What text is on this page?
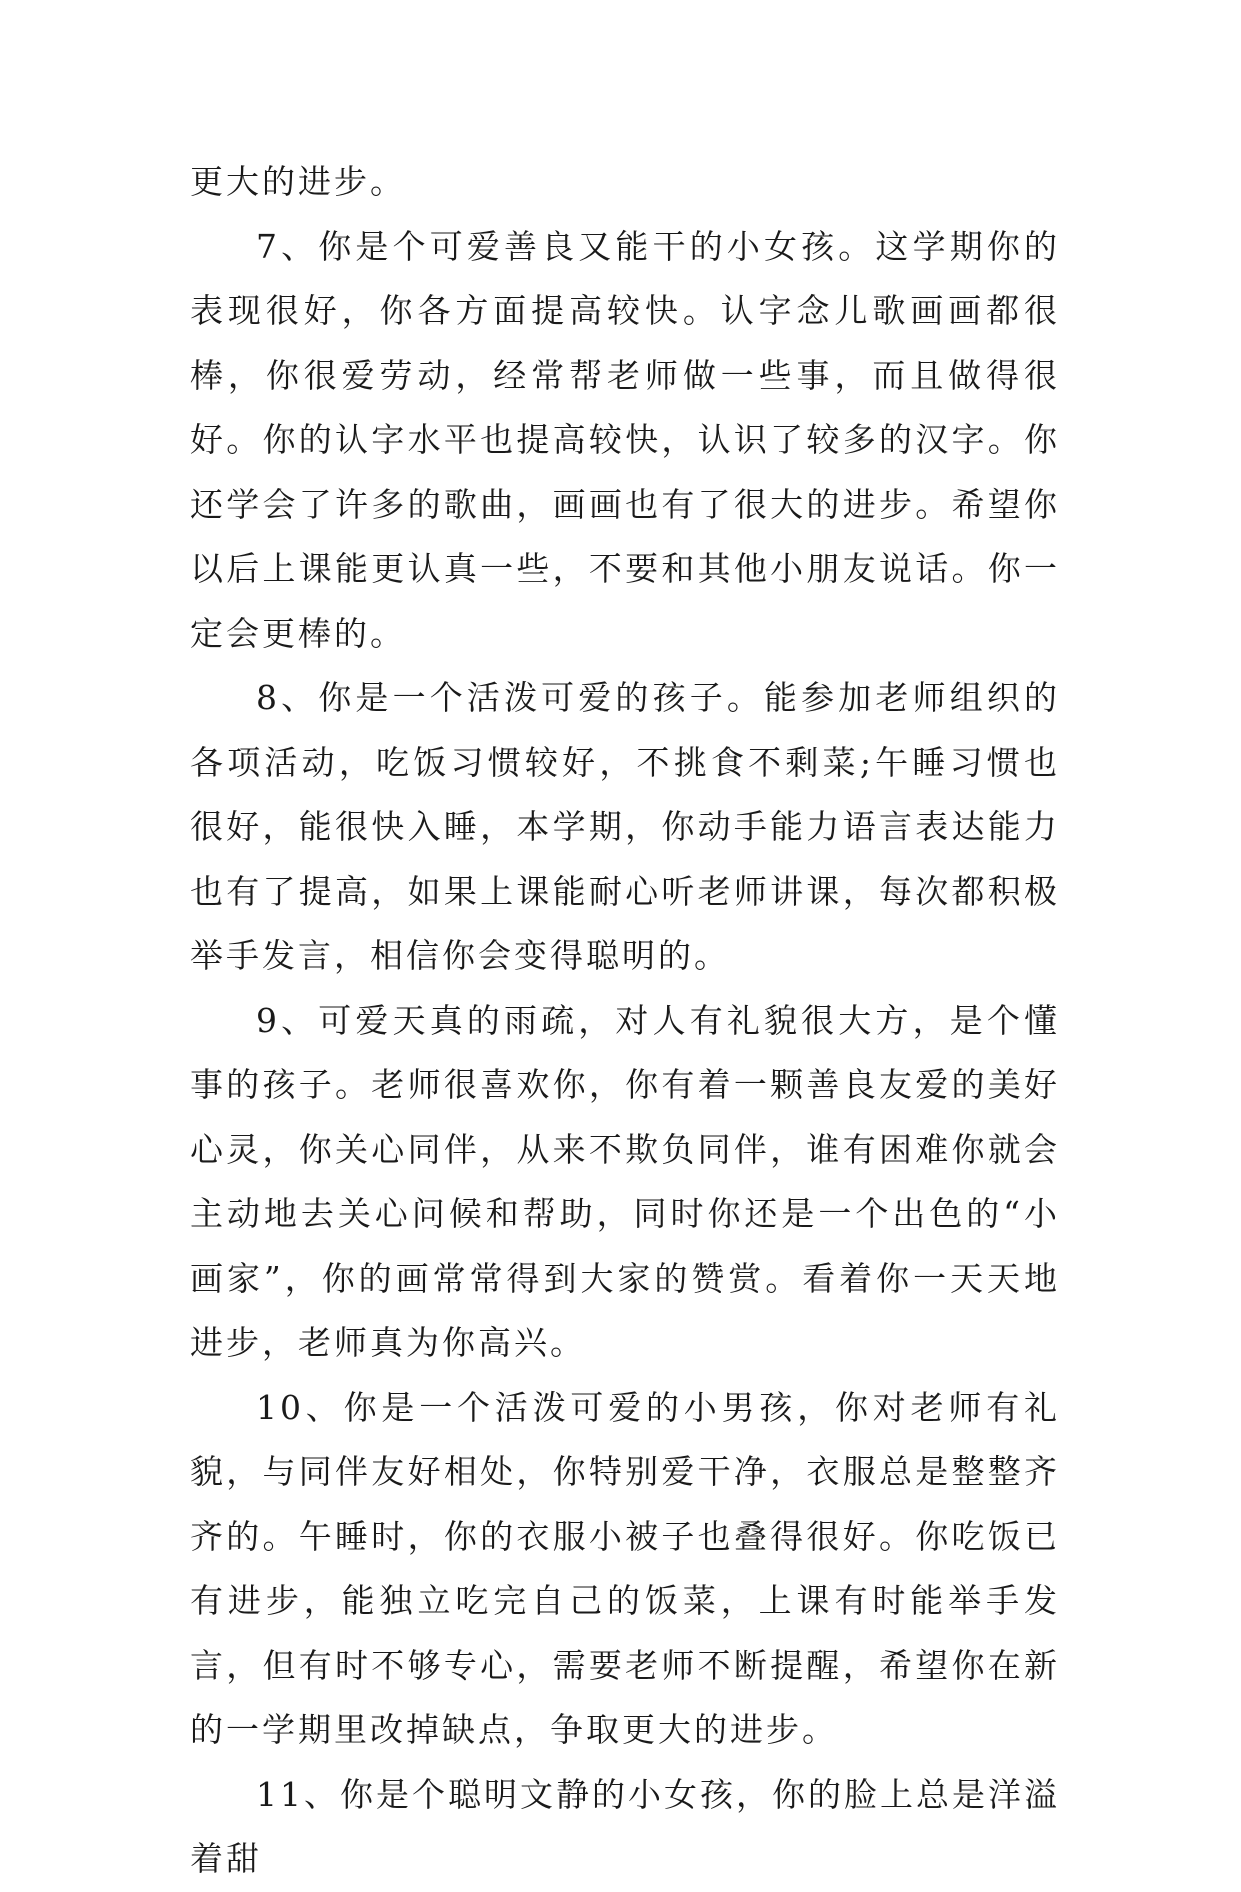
更大的进步。

7、你是个可爱善良又能干的小女孩。这学期你的表现很好，你各方面提高较快。认字念儿歌画画都很棒，你很爱劳动，经常帮老师做一些事，而且做得很好。你的认字水平也提高较快，认识了较多的汉字。你还学会了许多的歌曲，画画也有了很大的进步。希望你以后上课能更认真一些，不要和其他小朋友说话。你一定会更棒的。

8、你是一个活泼可爱的孩子。能参加老师组织的各项活动，吃饭习惯较好，不挑食不剩菜;午睡习惯也很好，能很快入睡，本学期，你动手能力语言表达能力也有了提高，如果上课能耐心听老师讲课，每次都积极举手发言，相信你会变得聪明的。

9、可爱天真的雨疏，对人有礼貌很大方，是个懂事的孩子。老师很喜欢你，你有着一颗善良友爱的美好心灵，你关心同伴，从来不欺负同伴，谁有困难你就会主动地去关心问候和帮助，同时你还是一个出色的“小画家”，你的画常常得到大家的赞赏。看着你一天天地进步，老师真为你高兴。

10、你是一个活泼可爱的小男孩，你对老师有礼貌，与同伴友好相处，你特别爱干净，衣服总是整整齐齐的。午睡时，你的衣服小被子也叠得很好。你吃饭已有进步，能独立吃完自己的饭菜，上课有时能举手发言，但有时不够专心，需要老师不断提醒，希望你在新的一学期里改掉缺点，争取更大的进步。

11、你是个聪明文静的小女孩，你的脸上总是洋溢着甜
